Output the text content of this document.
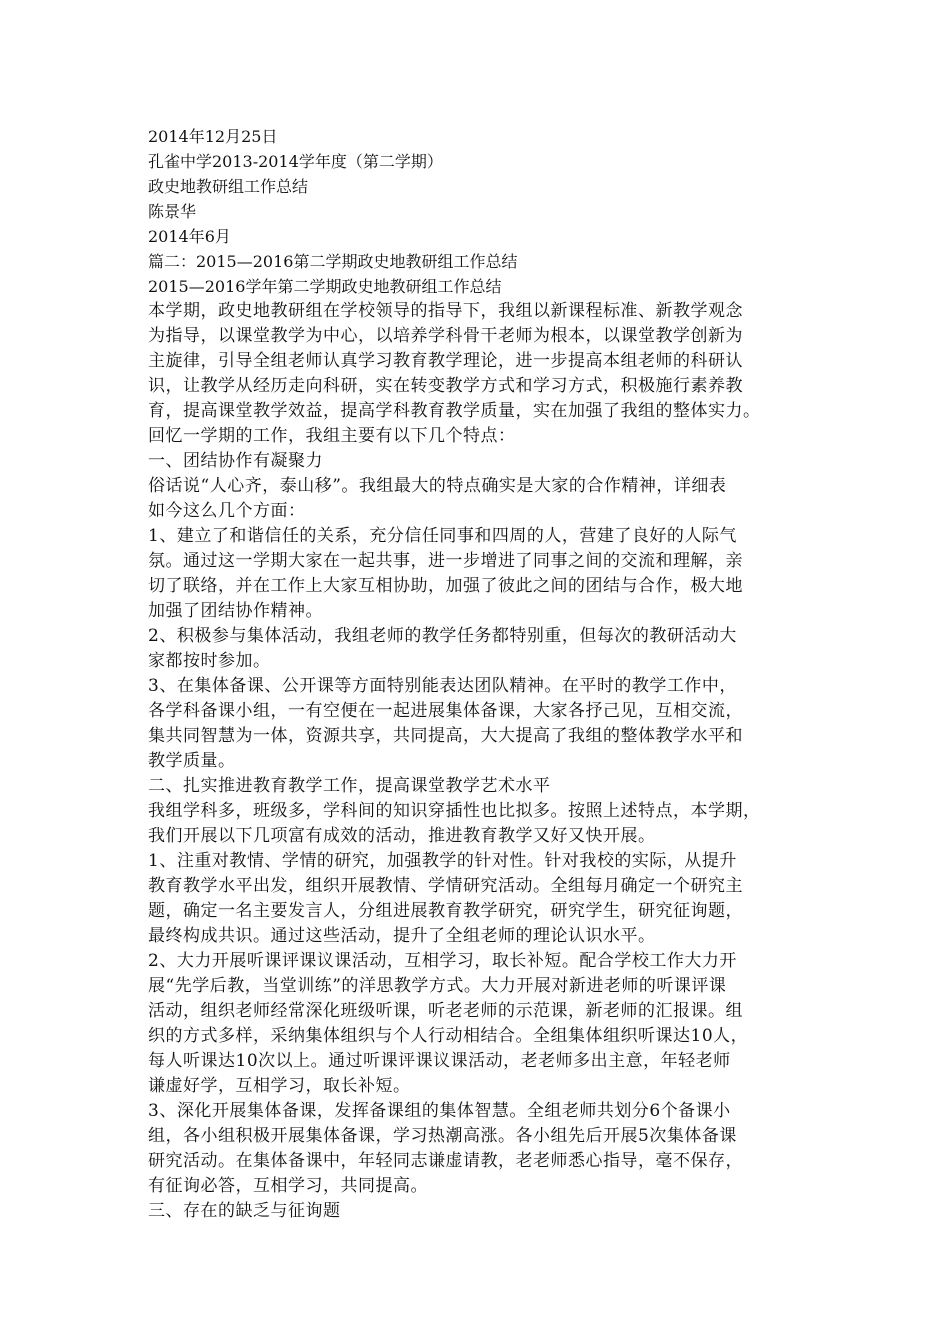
2014年12月25日
孔雀中学2013-2014学年度（第二学期）
政史地教研组工作总结
陈景华
2014年6月
篇二：2015—2016第二学期政史地教研组工作总结
2015—2016学年第二学期政史地教研组工作总结
本学期，政史地教研组在学校领导的指导下，我组以新课程标准、新教学观念
为指导，以课堂教学为中心，以培养学科骨干老师为根本，以课堂教学创新为
主旋律，引导全组老师认真学习教育教学理论，进一步提高本组老师的科研认
识，让教学从经历走向科研，实在转变教学方式和学习方式，积极施行素养教
育，提高课堂教学效益，提高学科教育教学质量，实在加强了我组的整体实力。
回忆一学期的工作，我组主要有以下几个特点：
一、团结协作有凝聚力
俗话说“人心齐，泰山移”。我组最大的特点确实是大家的合作精神，详细表
如今这么几个方面：
1、建立了和谐信任的关系，充分信任同事和四周的人，营建了良好的人际气
氛。通过这一学期大家在一起共事，进一步增进了同事之间的交流和理解，亲
切了联络，并在工作上大家互相协助，加强了彼此之间的团结与合作，极大地
加强了团结协作精神。
2、积极参与集体活动，我组老师的教学任务都特别重，但每次的教研活动大
家都按时参加。
3、在集体备课、公开课等方面特别能表达团队精神。在平时的教学工作中，
各学科备课小组，一有空便在一起进展集体备课，大家各抒己见，互相交流，
集共同智慧为一体，资源共享，共同提高，大大提高了我组的整体教学水平和
教学质量。
二、扎实推进教育教学工作，提高课堂教学艺术水平
我组学科多，班级多，学科间的知识穿插性也比拟多。按照上述特点，本学期，
我们开展以下几项富有成效的活动，推进教育教学又好又快开展。
1、注重对教情、学情的研究，加强教学的针对性。针对我校的实际，从提升
教育教学水平出发，组织开展教情、学情研究活动。全组每月确定一个研究主
题，确定一名主要发言人，分组进展教育教学研究，研究学生，研究征询题，
最终构成共识。通过这些活动，提升了全组老师的理论认识水平。
2、大力开展听课评课议课活动，互相学习，取长补短。配合学校工作大力开
展“先学后教，当堂训练”的洋思教学方式。大力开展对新进老师的听课评课
活动，组织老师经常深化班级听课，听老老师的示范课，新老师的汇报课。组
织的方式多样，采纳集体组织与个人行动相结合。全组集体组织听课达10人，
每人听课达10次以上。通过听课评课议课活动，老老师多出主意，年轻老师
谦虚好学，互相学习，取长补短。
3、深化开展集体备课，发挥备课组的集体智慧。全组老师共划分6个备课小
组，各小组积极开展集体备课，学习热潮高涨。各小组先后开展5次集体备课
研究活动。在集体备课中，年轻同志谦虚请教，老老师悉心指导，毫不保存，
有征询必答，互相学习，共同提高。
三、存在的缺乏与征询题
